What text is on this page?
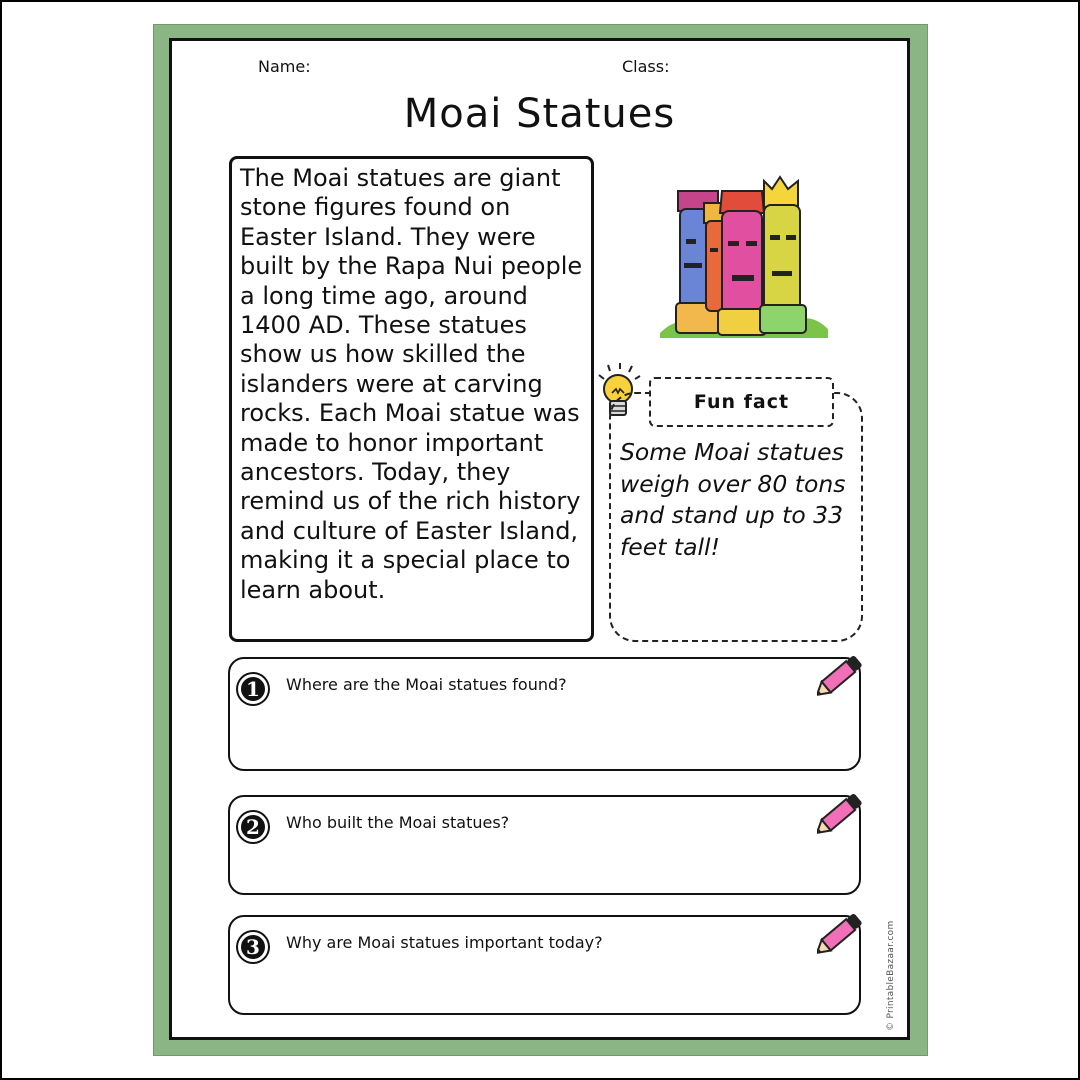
Name:	Class:
Moai Statues
The Moai statues are giant
stone figures found on
Easter Island. They were
built by the Rapa Nui people
a long time ago, around
1400 AD. These statues
show us how skilled the
islanders were at carving
rocks. Each Moai statue was
made to honor important
ancestors. Today, they
remind us of the rich history
and culture of Easter Island,
making it a special place to
learn about.
Fun fact
Some Moai statues
weigh over 80 tons
and stand up to 33
feet tall!
1	Where are the Moai statues found?
2	Who built the Moai statues?
3	Why are Moai statues important today?	© PrintableBazaar.com
